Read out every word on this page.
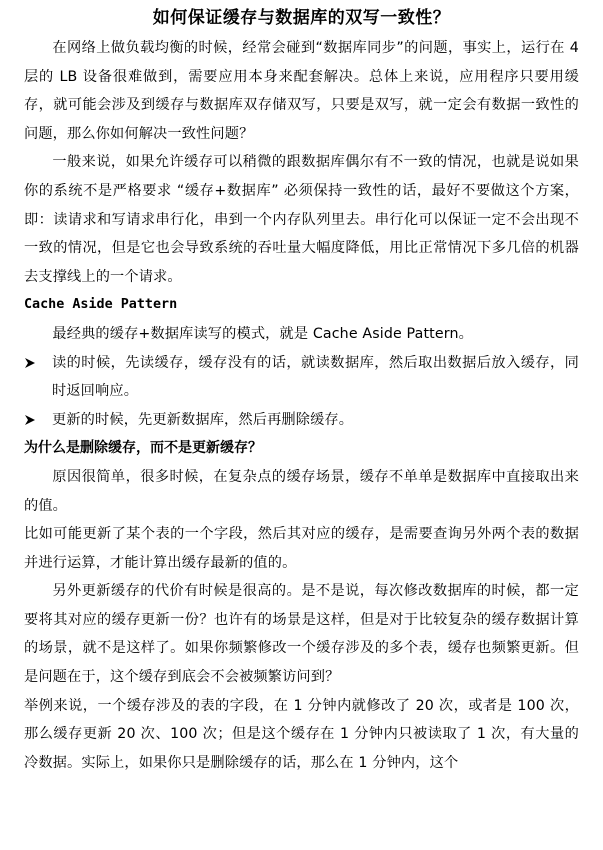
如何保证缓存与数据库的双写一致性？

在网络上做负载均衡的时候，经常会碰到“数据库同步”的问题，事实上，运行在 4层的 LB 设备很难做到，需要应用本身来配套解决。总体上来说，应用程序只要用缓存，就可能会涉及到缓存与数据库双存储双写，只要是双写，就一定会有数据一致性的问题，那么你如何解决一致性问题？

一般来说，如果允许缓存可以稍微的跟数据库偶尔有不一致的情况，也就是说如果你的系统不是严格要求 “缓存+数据库” 必须保持一致性的话，最好不要做这个方案，即：读请求和写请求串行化，串到一个内存队列里去。串行化可以保证一定不会出现不一致的情况，但是它也会导致系统的吞吐量大幅度降低，用比正常情况下多几倍的机器去支撑线上的一个请求。

Cache Aside Pattern

最经典的缓存+数据库读写的模式，就是 Cache Aside Pattern。

读的时候，先读缓存，缓存没有的话，就读数据库，然后取出数据后放入缓存，同时返回响应。

更新的时候，先更新数据库，然后再删除缓存。

为什么是删除缓存，而不是更新缓存？

原因很简单，很多时候，在复杂点的缓存场景，缓存不单单是数据库中直接取出来的值。

比如可能更新了某个表的一个字段，然后其对应的缓存，是需要查询另外两个表的数据并进行运算，才能计算出缓存最新的值的。

另外更新缓存的代价有时候是很高的。是不是说，每次修改数据库的时候，都一定要将其对应的缓存更新一份？也许有的场景是这样，但是对于比较复杂的缓存数据计算的场景，就不是这样了。如果你频繁修改一个缓存涉及的多个表，缓存也频繁更新。但是问题在于，这个缓存到底会不会被频繁访问到？

举例来说，一个缓存涉及的表的字段，在 1 分钟内就修改了 20 次，或者是 100 次，那么缓存更新 20 次、100 次；但是这个缓存在 1 分钟内只被读取了 1 次，有大量的冷数据。实际上，如果你只是删除缓存的话，那么在 1 分钟内，这个
